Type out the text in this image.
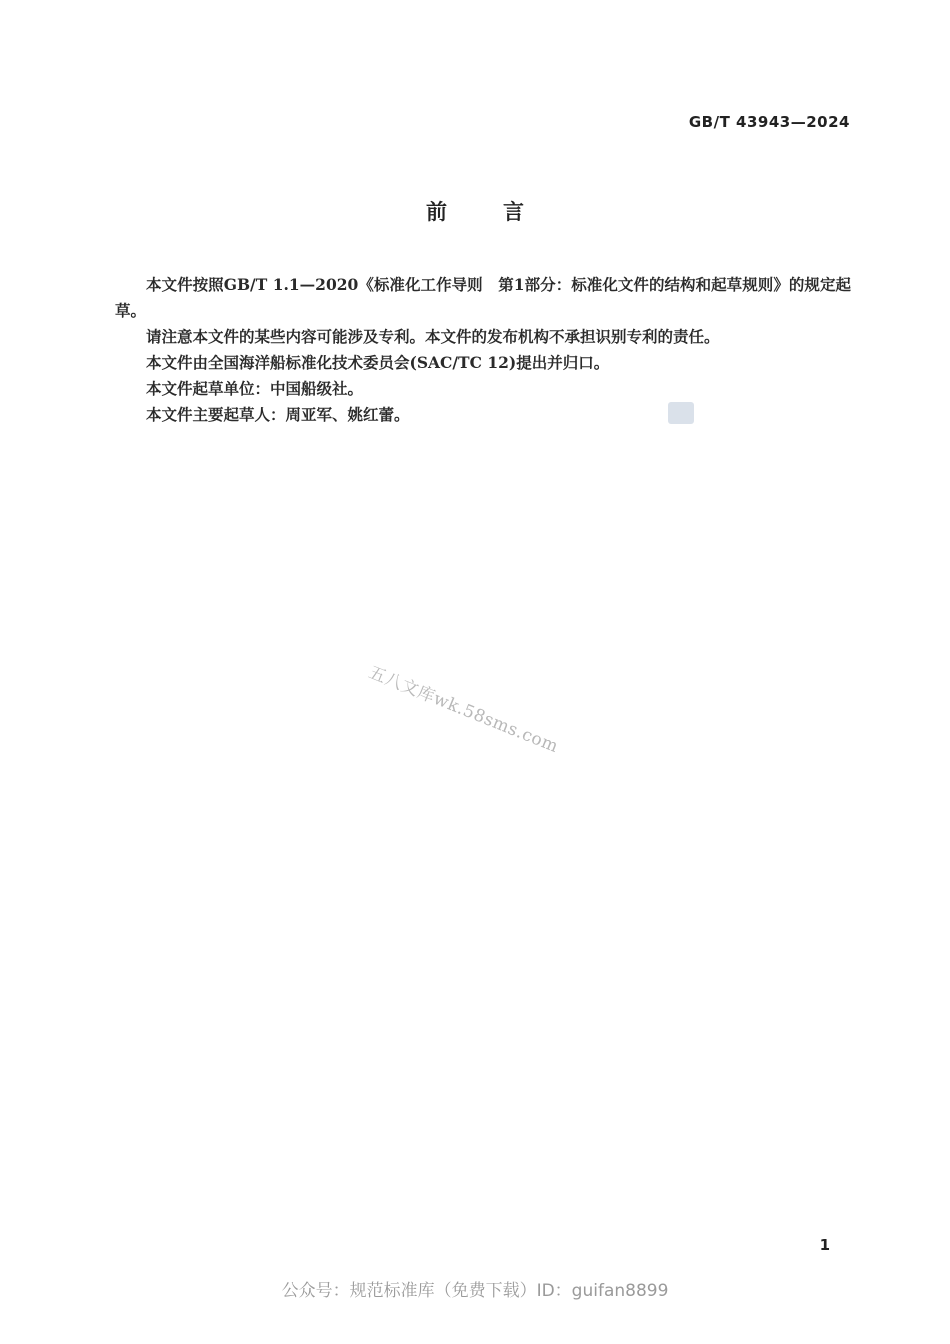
GB/T 43943—2024
前	言

本文件按照GB/T 1.1—2020《标准化工作导则　第1部分：标准化文件的结构和起草规则》的规定起草。

请注意本文件的某些内容可能涉及专利。本文件的发布机构不承担识别专利的责任。

本文件由全国海洋船标准化技术委员会(SAC/TC 12)提出并归口。

本文件起草单位：中国船级社。

本文件主要起草人：周亚军、姚红蕾。

五八文库wk.58sms.com
1
公众号：规范标准库（免费下载）ID：guifan8899
